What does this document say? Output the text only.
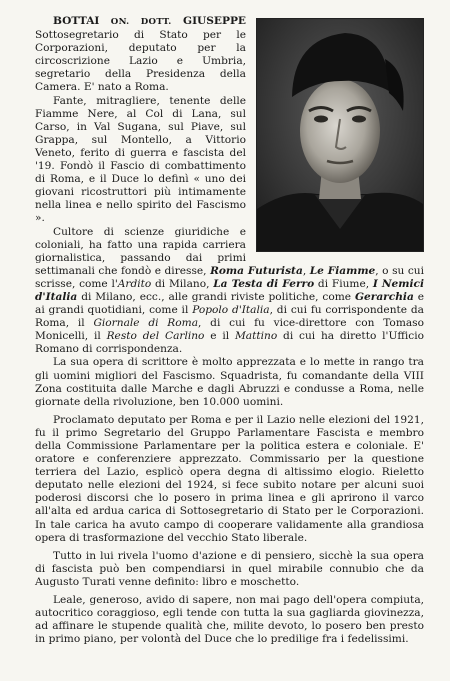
BOTTAI ON. DOTT. GIUSEPPE Sottosegretario di Stato per le Corporazioni, deputato per la circoscrizione Lazio e Umbria, segretario della Presidenza della Camera. E' nato a Roma.

Fante, mitragliere, tenente delle Fiamme Nere, al Col di Lana, sul Carso, in Val Sugana, sul Piave, sul Grappa, sul Montello, a Vittorio Veneto, ferito di guerra e fascista del '19. Fondò il Fascio di combattimento di Roma, e il Duce lo definì « uno dei giovani ricostruttori più intimamente nella linea e nello spirito del Fascismo ».

Cultore di scienze giuridiche e coloniali, ha fatto una rapida carriera giornalistica, passando dai primi settimanali che fondò e diresse, Roma Futurista, Le Fiamme, o su cui scrisse, come l'Ardito di Milano, La Testa di Ferro di Fiume, I Nemici d'Italia di Milano, ecc., alle grandi riviste politiche, come Gerarchia e ai grandi quotidiani, come il Popolo d'Italia, di cui fu corrispondente da Roma, il Giornale di Roma, di cui fu vice-direttore con Tomaso Monicelli, il Resto del Carlino e il Mattino di cui ha diretto l'Ufficio Romano di corrispondenza.

La sua opera di scrittore è molto apprezzata e lo mette in rango tra gli uomini migliori del Fascismo. Squadrista, fu comandante della VIII Zona costituita dalle Marche e dagli Abruzzi e condusse a Roma, nelle giornate della rivoluzione, ben 10.000 uomini.

Proclamato deputato per Roma e per il Lazio nelle elezioni del 1921, fu il primo Segretario del Gruppo Parlamentare Fascista e membro della Commissione Parlamentare per la politica estera e coloniale. E' oratore e conferenziere apprezzato. Commissario per la questione terriera del Lazio, esplicò opera degna di altissimo elogio. Rieletto deputato nelle elezioni del 1924, si fece subito notare per alcuni suoi poderosi discorsi che lo posero in prima linea e gli aprirono il varco all'alta ed ardua carica di Sottosegretario di Stato per le Corporazioni. In tale carica ha avuto campo di cooperare validamente alla grandiosa opera di trasformazione del vecchio Stato liberale.

Tutto in lui rivela l'uomo d'azione e di pensiero, sicchè la sua opera di fascista può ben compendiarsi in quel mirabile connubio che da Augusto Turati venne definito: libro e moschetto.

Leale, generoso, avido di sapere, non mai pago dell'opera compiuta, autocritico coraggioso, egli tende con tutta la sua gagliarda giovinezza, ad affinare le stupende qualità che, milite devoto, lo posero ben presto in primo piano, per volontà del Duce che lo predilige fra i fedelissimi.
